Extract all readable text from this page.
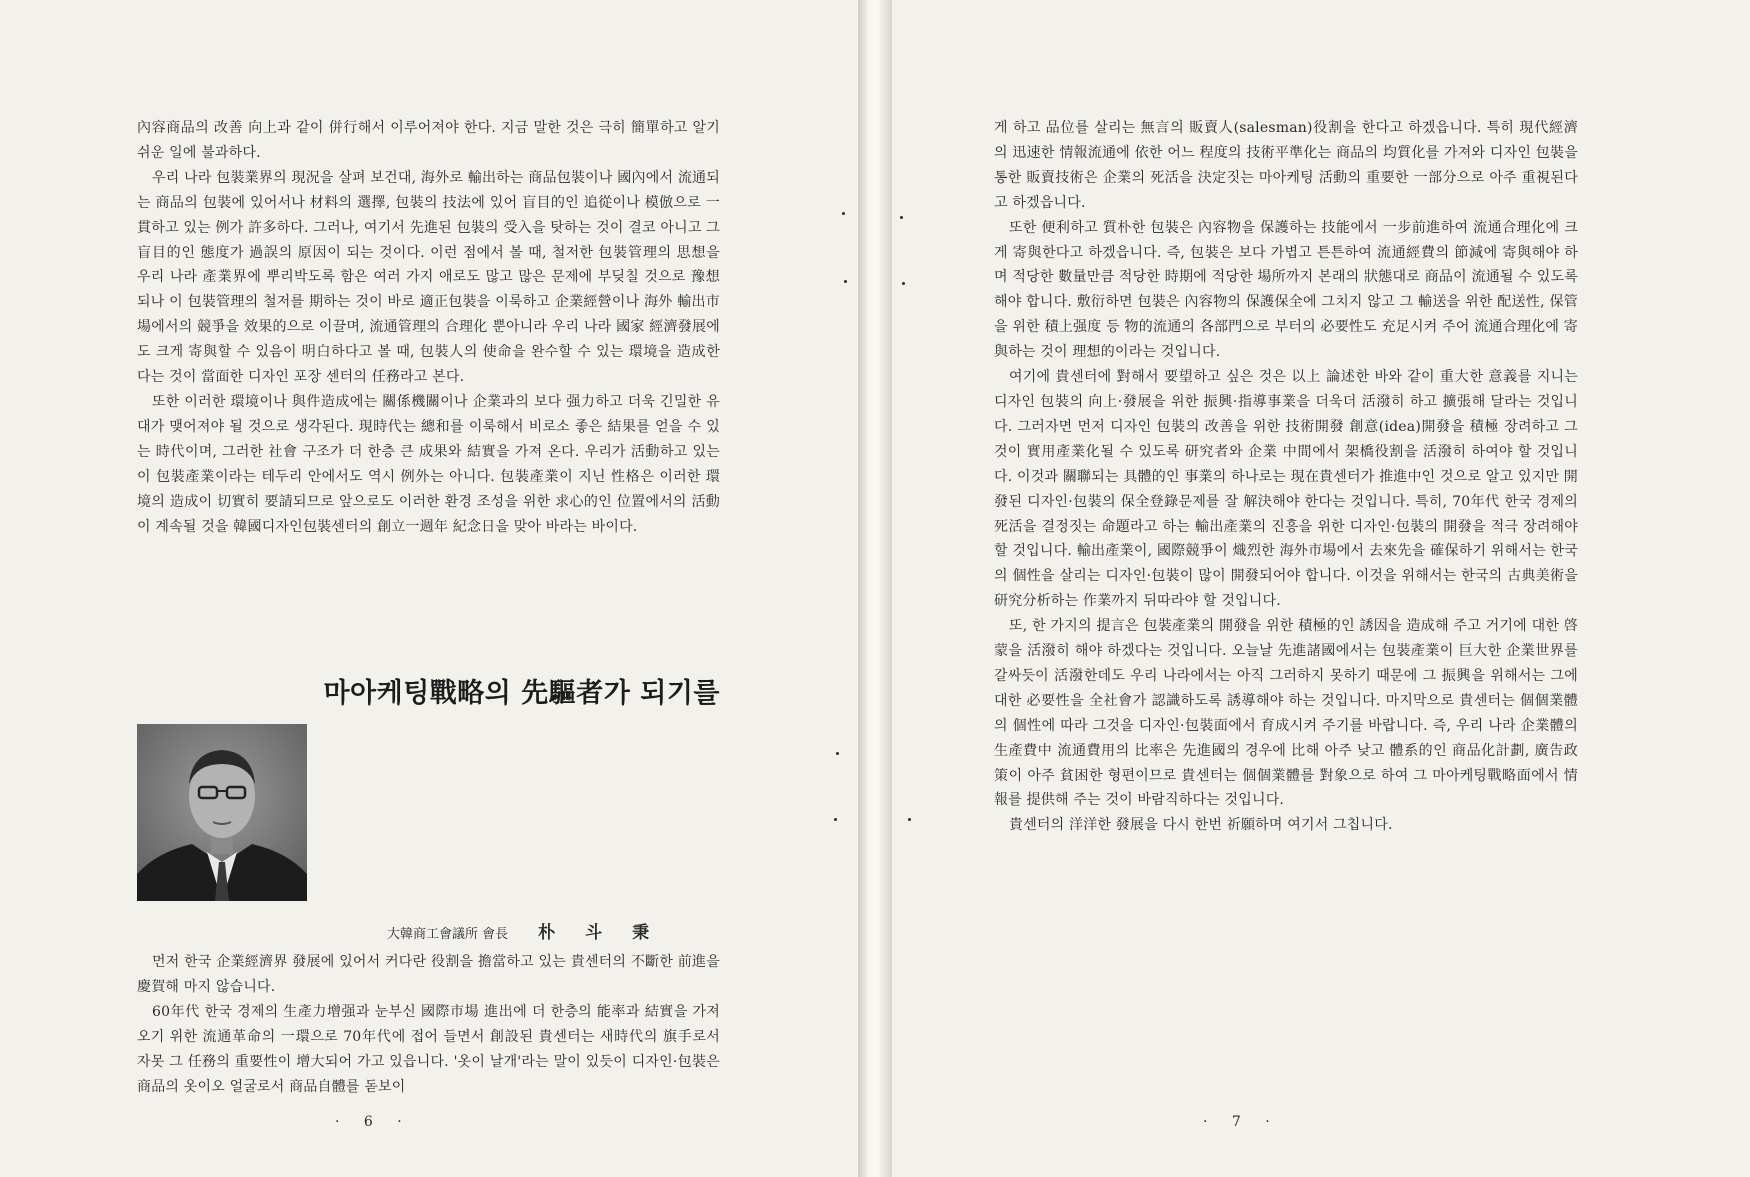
內容商品의 改善 向上과 같이 併行해서 이루어져야 한다. 지금 말한 것은 극히 簡單하고 알기 쉬운 일에 불과하다.

우리 나라 包裝業界의 現況을 살펴 보건대, 海外로 輸出하는 商品包裝이나 國內에서 流通되는 商品의 包裝에 있어서나 材料의 選擇, 包裝의 技法에 있어 盲目的인 追從이나 模倣으로 一貫하고 있는 例가 許多하다. 그러나, 여기서 先進된 包裝의 受入을 탓하는 것이 결코 아니고 그 盲目的인 態度가 過誤의 原因이 되는 것이다. 이런 점에서 볼 때, 철저한 包裝管理의 思想을 우리 나라 產業界에 뿌리박도록 함은 여러 가지 애로도 많고 많은 문제에 부딪칠 것으로 豫想되나 이 包裝管理의 철저를 期하는 것이 바로 適正包裝을 이룩하고 企業經營이나 海外 輸出市場에서의 競爭을 效果的으로 이끌며, 流通管理의 合理化 뿐아니라 우리 나라 國家 經濟發展에도 크게 寄與할 수 있음이 明白하다고 볼 때, 包裝人의 使命을 완수할 수 있는 環境을 造成한다는 것이 當面한 디자인 포장 센터의 任務라고 본다.

또한 이러한 環境이나 與件造成에는 關係機關이나 企業과의 보다 强力하고 더욱 긴밀한 유대가 맺어져야 될 것으로 생각된다. 現時代는 總和를 이룩해서 비로소 좋은 結果를 얻을 수 있는 時代이며, 그러한 社會 구조가 더 한층 큰 成果와 結實을 가져 온다. 우리가 活動하고 있는 이 包裝產業이라는 테두리 안에서도 역시 例外는 아니다. 包裝產業이 지닌 性格은 이러한 環境의 造成이 切實히 要請되므로 앞으로도 이러한 환경 조성을 위한 求心的인 位置에서의 活動이 계속될 것을 韓國디자인包裝센터의 創立一週年 紀念日을 맞아 바라는 바이다.

마아케팅戰略의 先驅者가 되기를
大韓商工會議所 會長 朴斗秉

먼저 한국 企業經濟界 發展에 있어서 커다란 役割을 擔當하고 있는 貴센터의 不斷한 前進을 慶賀해 마지 않습니다.

60年代 한국 경제의 生產力增强과 눈부신 國際市場 進出에 더 한층의 能率과 結實을 가져오기 위한 流通革命의 一環으로 70年代에 접어 들면서 創設된 貴센터는 새時代의 旗手로서 자못 그 任務의 重要性이 增大되어 가고 있읍니다. '옷이 날개'라는 말이 있듯이 디자인·包裝은 商品의 옷이오 얼굴로서 商品自體를 돋보이

· 6 ·

게 하고 品位를 살리는 無言의 販賣人(salesman)役割을 한다고 하겠읍니다. 특히 現代經濟의 迅速한 情報流通에 依한 어느 程度의 技術平準化는 商品의 均質化를 가져와 디자인 包裝을 통한 販賣技術은 企業의 死活을 決定짓는 마아케팅 活動의 重要한 一部分으로 아주 重視된다고 하겠읍니다.

또한 便利하고 質朴한 包裝은 內容物을 保護하는 技能에서 一步前進하여 流通合理化에 크게 寄與한다고 하겠읍니다. 즉, 包裝은 보다 가볍고 튼튼하여 流通經費의 節減에 寄與해야 하며 적당한 數量만큼 적당한 時期에 적당한 場所까지 본래의 狀態대로 商品이 流通될 수 있도록 해야 합니다. 敷衍하면 包裝은 內容物의 保護保全에 그치지 않고 그 輸送을 위한 配送性, 保管을 위한 積上强度 등 物的流通의 各部門으로 부터의 必要性도 充足시켜 주어 流通合理化에 寄與하는 것이 理想的이라는 것입니다.

여기에 貴센터에 對해서 要望하고 싶은 것은 以上 論述한 바와 같이 重大한 意義를 지니는 디자인 包裝의 向上·發展을 위한 振興·指導事業을 더욱더 活潑히 하고 擴張해 달라는 것입니다. 그러자면 먼저 디자인 包裝의 改善을 위한 技術開發 創意(idea)開發을 積極 장려하고 그것이 實用產業化될 수 있도록 研究者와 企業 中間에서 架橋役割을 活潑히 하여야 할 것입니다. 이것과 關聯되는 具體的인 事業의 하나로는 現在貴센터가 推進中인 것으로 알고 있지만 開發된 디자인·包裝의 保全登錄문제를 잘 解決해야 한다는 것입니다. 특히, 70年代 한국 경제의 死活을 결정짓는 命題라고 하는 輸出產業의 진흥을 위한 디자인·包裝의 開發을 적극 장려해야 할 것입니다. 輸出產業이, 國際競爭이 熾烈한 海外市場에서 去來先을 確保하기 위해서는 한국의 個性을 살리는 디자인·包裝이 많이 開發되어야 합니다. 이것을 위해서는 한국의 古典美術을 研究分析하는 作業까지 뒤따라야 할 것입니다.

또, 한 가지의 提言은 包裝產業의 開發을 위한 積極的인 誘因을 造成해 주고 거기에 대한 啓蒙을 活潑히 해야 하겠다는 것입니다. 오늘날 先進諸國에서는 包裝產業이 巨大한 企業世界를 갈싸듯이 活潑한데도 우리 나라에서는 아직 그러하지 못하기 때문에 그 振興을 위해서는 그에 대한 必要性을 全社會가 認識하도록 誘導해야 하는 것입니다. 마지막으로 貴센터는 個個業體의 個性에 따라 그것을 디자인·包裝面에서 育成시켜 주기를 바랍니다. 즉, 우리 나라 企業體의 生產費中 流通費用의 比率은 先進國의 경우에 比해 아주 낮고 體系的인 商品化計劃, 廣告政策이 아주 貧困한 형편이므로 貴센터는 個個業體를 對象으로 하여 그 마아케팅戰略面에서 情報를 提供해 주는 것이 바람직하다는 것입니다.

貴센터의 洋洋한 發展을 다시 한번 祈願하며 여기서 그칩니다.

· 7 ·
